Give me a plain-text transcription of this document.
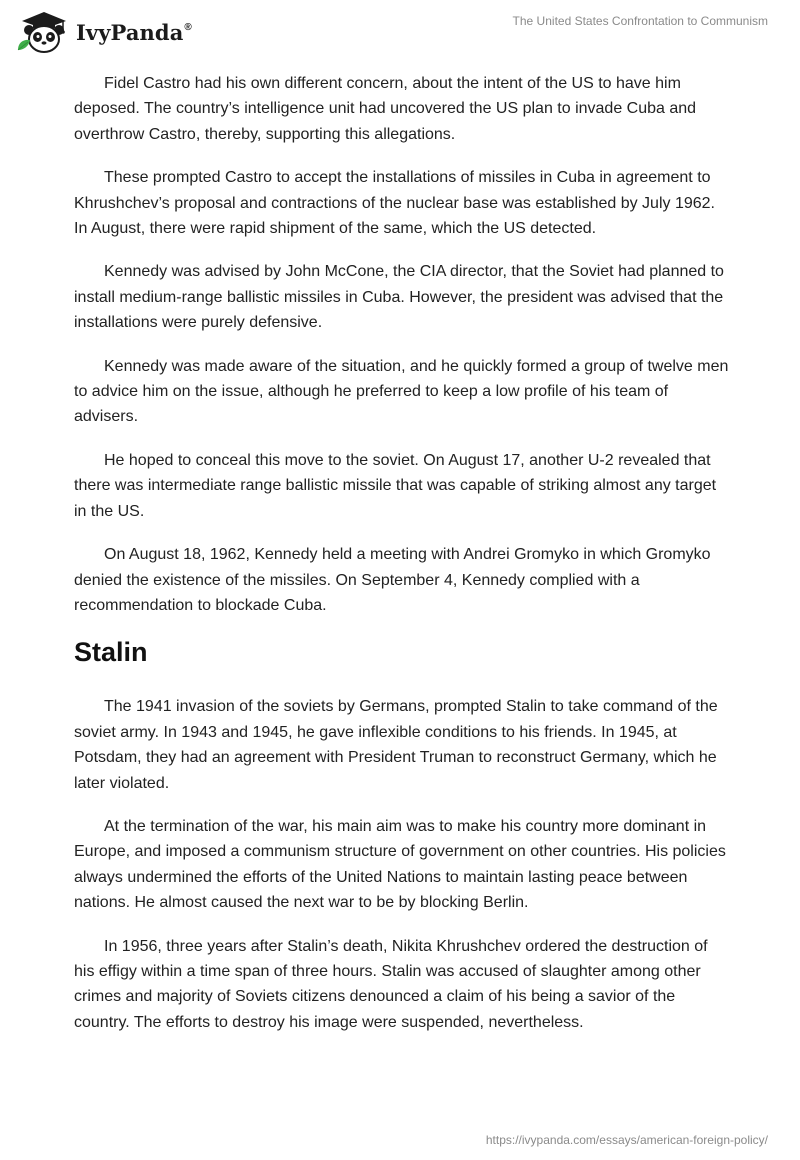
IvyPanda®	The United States Confrontation to Communism

Fidel Castro had his own different concern, about the intent of the US to have him deposed. The country’s intelligence unit had uncovered the US plan to invade Cuba and overthrow Castro, thereby, supporting this allegations.

These prompted Castro to accept the installations of missiles in Cuba in agreement to Khrushchev’s proposal and contractions of the nuclear base was established by July 1962. In August, there were rapid shipment of the same, which the US detected.

Kennedy was advised by John McCone, the CIA director, that the Soviet had planned to install medium-range ballistic missiles in Cuba. However, the president was advised that the installations were purely defensive.

Kennedy was made aware of the situation, and he quickly formed a group of twelve men to advice him on the issue, although he preferred to keep a low profile of his team of advisers.

He hoped to conceal this move to the soviet. On August 17, another U-2 revealed that there was intermediate range ballistic missile that was capable of striking almost any target in the US.

On August 18, 1962, Kennedy held a meeting with Andrei Gromyko in which Gromyko denied the existence of the missiles. On September 4, Kennedy complied with a recommendation to blockade Cuba.

Stalin

The 1941 invasion of the soviets by Germans, prompted Stalin to take command of the soviet army. In 1943 and 1945, he gave inflexible conditions to his friends. In 1945, at Potsdam, they had an agreement with President Truman to reconstruct Germany, which he later violated.

At the termination of the war, his main aim was to make his country more dominant in Europe, and imposed a communism structure of government on other countries. His policies always undermined the efforts of the United Nations to maintain lasting peace between nations. He almost caused the next war to be by blocking Berlin.

In 1956, three years after Stalin’s death, Nikita Khrushchev ordered the destruction of his effigy within a time span of three hours. Stalin was accused of slaughter among other crimes and majority of Soviets citizens denounced a claim of his being a savior of the country. The efforts to destroy his image were suspended, nevertheless.

https://ivypanda.com/essays/american-foreign-policy/
